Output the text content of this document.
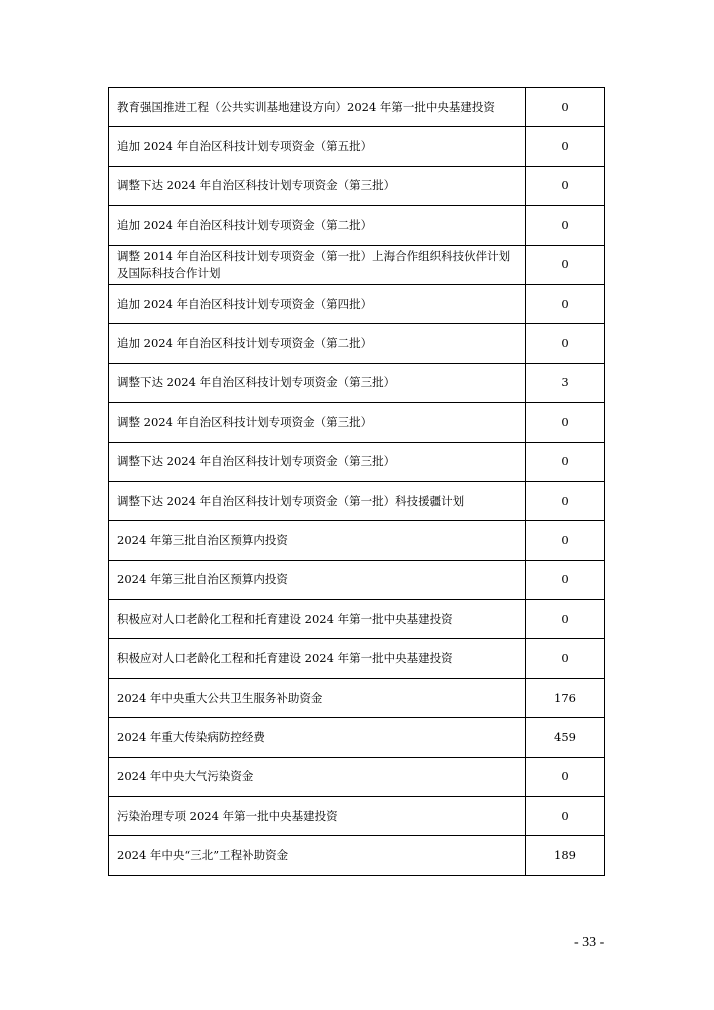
教育强国推进工程（公共实训基地建设方向）2024 年第一批中央基建投资	0
追加 2024 年自治区科技计划专项资金（第五批）	0
调整下达 2024 年自治区科技计划专项资金（第三批）	0
追加 2024 年自治区科技计划专项资金（第二批）	0
调整 2014 年自治区科技计划专项资金（第一批）上海合作组织科技伙伴计划及国际科技合作计划	0
追加 2024 年自治区科技计划专项资金（第四批）	0
追加 2024 年自治区科技计划专项资金（第二批）	0
调整下达 2024 年自治区科技计划专项资金（第三批）	3
调整 2024 年自治区科技计划专项资金（第三批）	0
调整下达 2024 年自治区科技计划专项资金（第三批）	0
调整下达 2024 年自治区科技计划专项资金（第一批）科技援疆计划	0
2024 年第三批自治区预算内投资	0
2024 年第三批自治区预算内投资	0
积极应对人口老龄化工程和托育建设 2024 年第一批中央基建投资	0
积极应对人口老龄化工程和托育建设 2024 年第一批中央基建投资	0
2024 年中央重大公共卫生服务补助资金	176
2024 年重大传染病防控经费	459
2024 年中央大气污染资金	0
污染治理专项 2024 年第一批中央基建投资	0
2024 年中央“三北”工程补助资金	189
- 33 -
